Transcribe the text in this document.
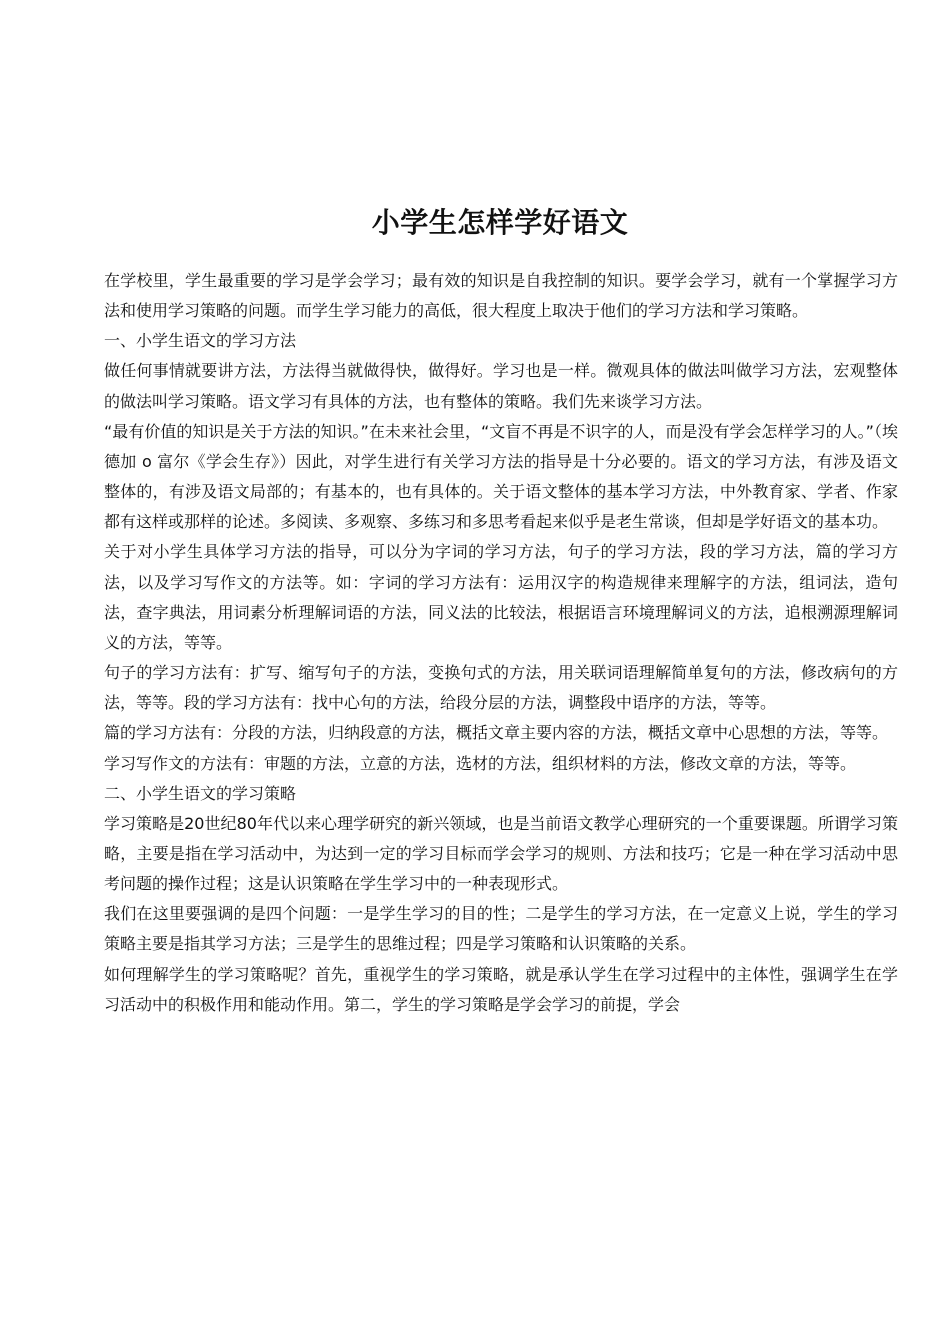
小学生怎样学好语文

在学校里，学生最重要的学习是学会学习；最有效的知识是自我控制的知识。要学会学习，就有一个掌握学习方法和使用学习策略的问题。而学生学习能力的高低，很大程度上取决于他们的学习方法和学习策略。

一、小学生语文的学习方法

做任何事情就要讲方法，方法得当就做得快，做得好。学习也是一样。微观具体的做法叫做学习方法，宏观整体的做法叫学习策略。语文学习有具体的方法，也有整体的策略。我们先来谈学习方法。

“最有价值的知识是关于方法的知识。”在未来社会里，“文盲不再是不识字的人，而是没有学会怎样学习的人。”（埃德加 o 富尔《学会生存》）因此，对学生进行有关学习方法的指导是十分必要的。语文的学习方法，有涉及语文整体的，有涉及语文局部的；有基本的，也有具体的。关于语文整体的基本学习方法，中外教育家、学者、作家都有这样或那样的论述。多阅读、多观察、多练习和多思考看起来似乎是老生常谈，但却是学好语文的基本功。

关于对小学生具体学习方法的指导，可以分为字词的学习方法，句子的学习方法，段的学习方法，篇的学习方法，以及学习写作文的方法等。如：字词的学习方法有：运用汉字的构造规律来理解字的方法，组词法，造句法，查字典法，用词素分析理解词语的方法，同义法的比较法，根据语言环境理解词义的方法，追根溯源理解词义的方法，等等。

句子的学习方法有：扩写、缩写句子的方法，变换句式的方法，用关联词语理解简单复句的方法，修改病句的方法，等等。段的学习方法有：找中心句的方法，给段分层的方法，调整段中语序的方法，等等。

篇的学习方法有：分段的方法，归纳段意的方法，概括文章主要内容的方法，概括文章中心思想的方法，等等。

学习写作文的方法有：审题的方法，立意的方法，选材的方法，组织材料的方法，修改文章的方法，等等。

二、小学生语文的学习策略

学习策略是20世纪80年代以来心理学研究的新兴领域，也是当前语文教学心理研究的一个重要课题。所谓学习策略，主要是指在学习活动中，为达到一定的学习目标而学会学习的规则、方法和技巧；它是一种在学习活动中思考问题的操作过程；这是认识策略在学生学习中的一种表现形式。

我们在这里要强调的是四个问题：一是学生学习的目的性；二是学生的学习方法，在一定意义上说，学生的学习策略主要是指其学习方法；三是学生的思维过程；四是学习策略和认识策略的关系。

如何理解学生的学习策略呢？首先，重视学生的学习策略，就是承认学生在学习过程中的主体性，强调学生在学习活动中的积极作用和能动作用。第二，学生的学习策略是学会学习的前提，学会
